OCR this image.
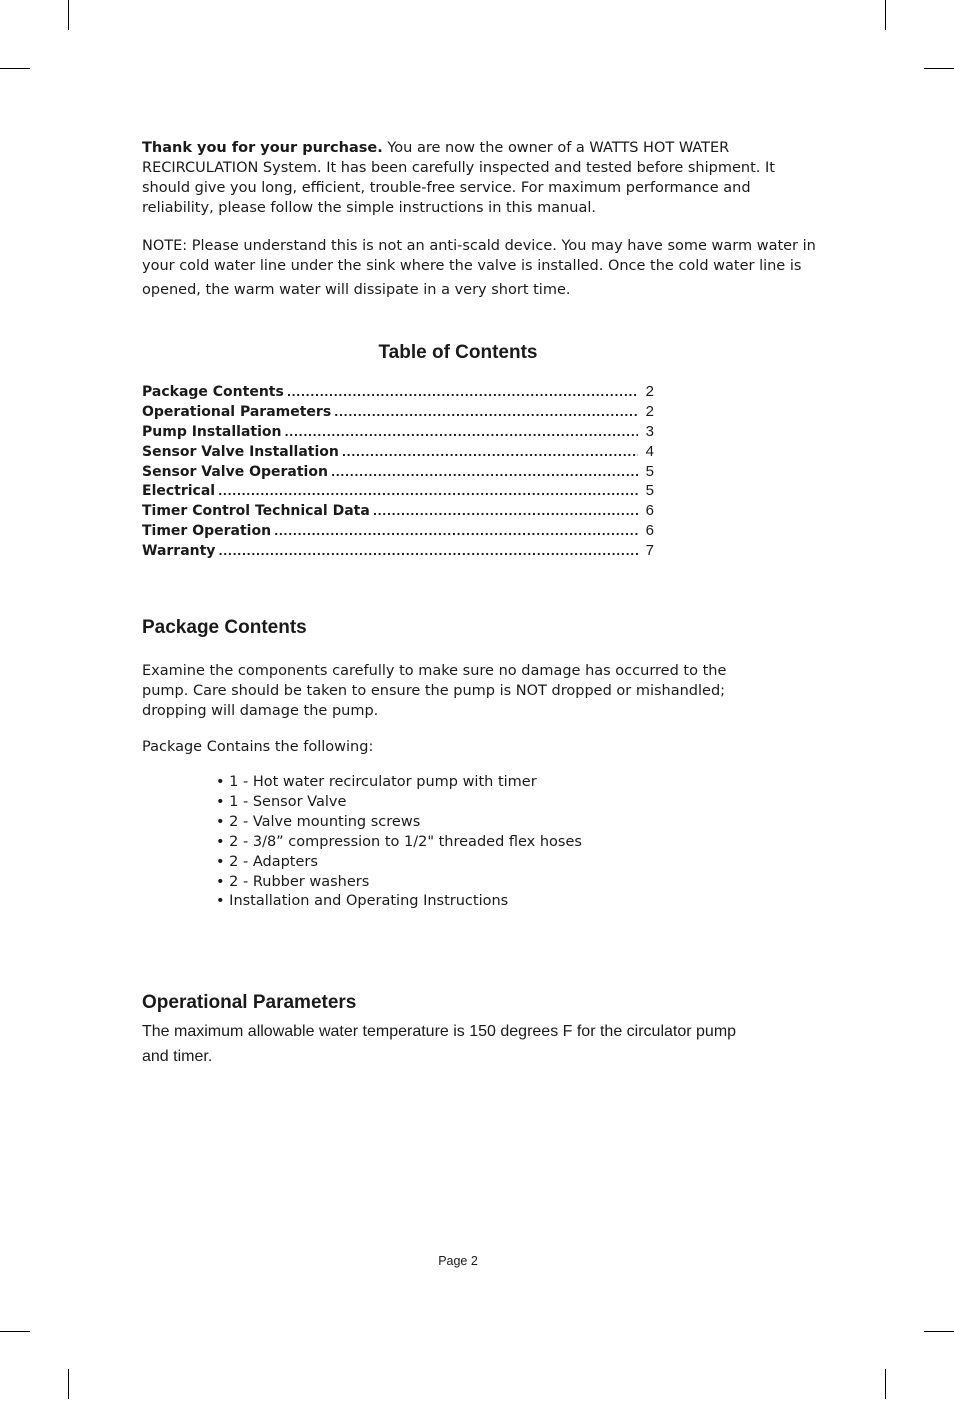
Thank you for your purchase. You are now the owner of a WATTS HOT WATER RECIRCULATION System. It has been carefully inspected and tested before shipment. It should give you long, efficient, trouble-free service. For maximum performance and reliability, please follow the simple instructions in this manual.

NOTE: Please understand this is not an anti-scald device. You may have some warm water in your cold water line under the sink where the valve is installed. Once the cold water line is
opened, the warm water will dissipate in a very short time.

Table of Contents
Package Contents .....	2
Operational Parameters .....	2
Pump Installation .....	3
Sensor Valve Installation .....	4
Sensor Valve Operation .....	5
Electrical .....	5
Timer Control Technical Data .....	6
Timer Operation .....	6
Warranty .....	7
Package Contents

Examine the components carefully to make sure no damage has occurred to the pump. Care should be taken to ensure the pump is NOT dropped or mishandled; dropping will damage the pump.

Package Contains the following:

• 1 - Hot water recirculator pump with timer
• 1 - Sensor Valve
• 2 - Valve mounting screws
• 2 - 3/8” compression to 1/2" threaded flex hoses
• 2 - Adapters
• 2 - Rubber washers
• Installation and Operating Instructions
Operational Parameters

The maximum allowable water temperature is 150 degrees F for the circulator pump and timer.

Page 2
